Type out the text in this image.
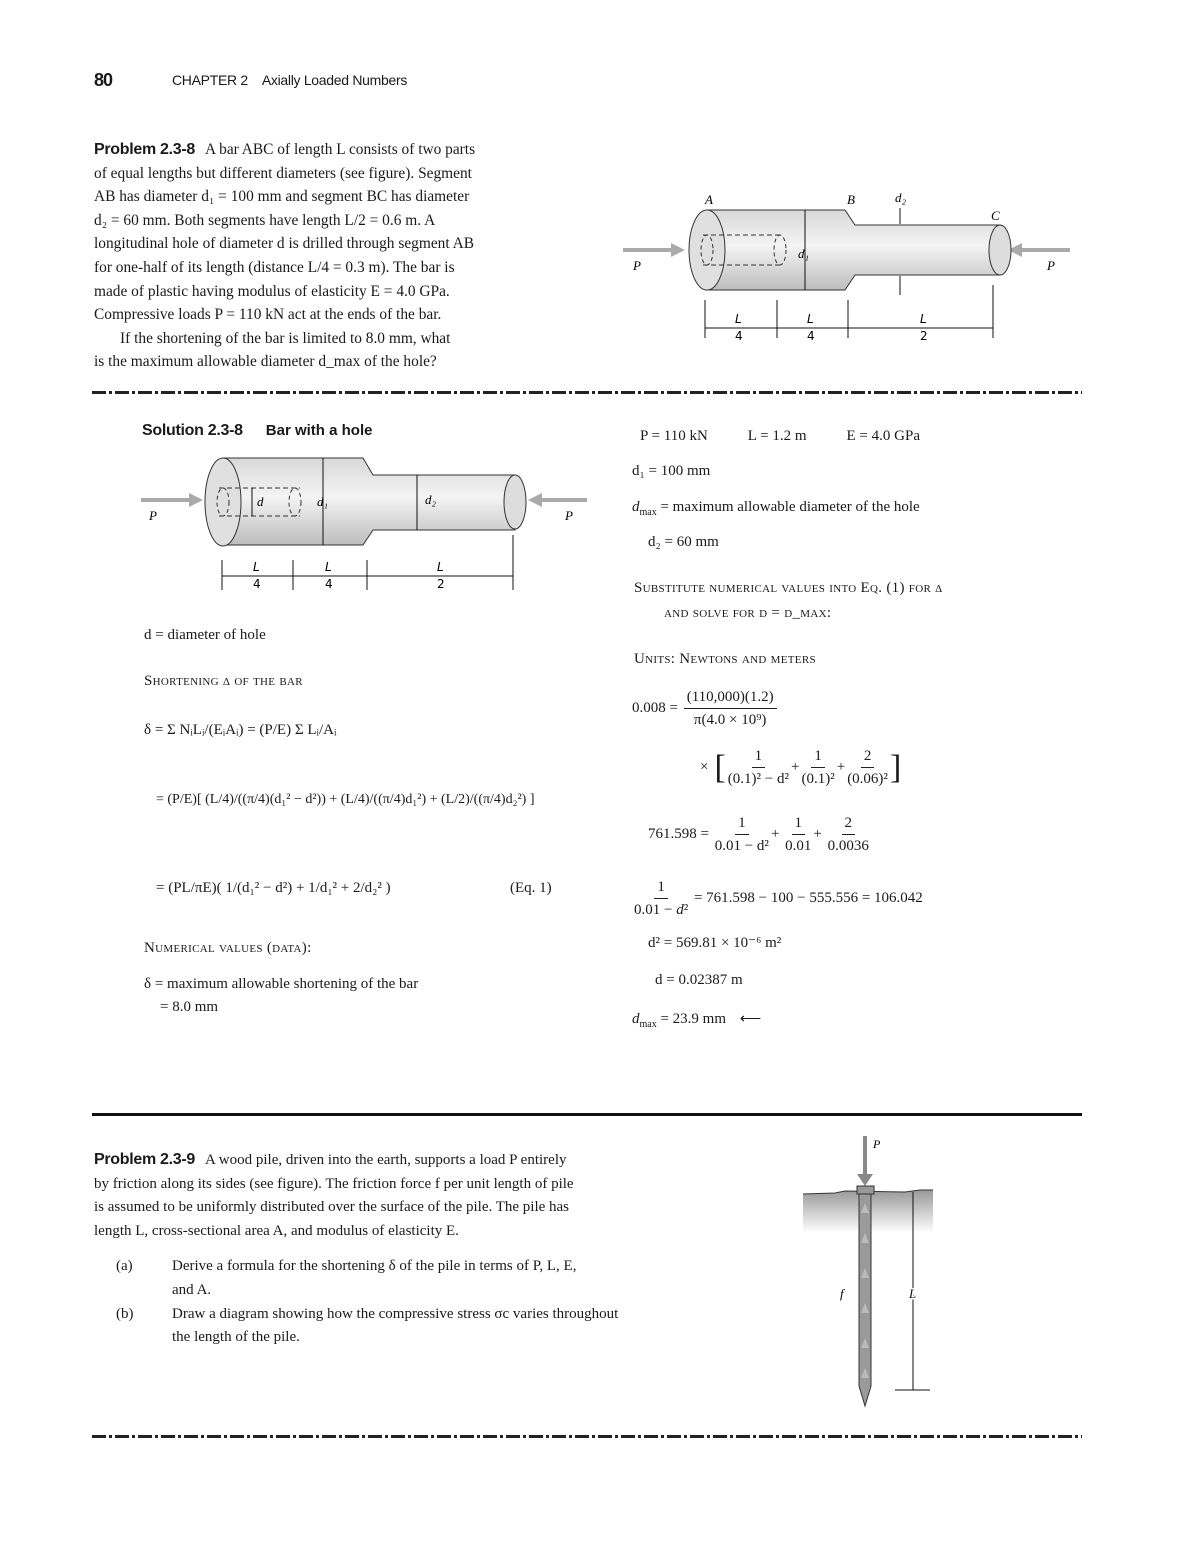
80	CHAPTER 2 Axially Loaded Numbers
Problem 2.3-8 A bar ABC of length L consists of two parts
of equal lengths but different diameters (see figure). Segment
AB has diameter d₁ = 100 mm and segment BC has diameter
d₂ = 60 mm. Both segments have length L/2 = 0.6 m. A
longitudinal hole of diameter d is drilled through segment AB
for one-half of its length (distance L/4 = 0.3 m). The bar is
made of plastic having modulus of elasticity E = 4.0 GPa.
Compressive loads P = 110 kN act at the ends of the bar.
If the shortening of the bar is limited to 8.0 mm, what
is the maximum allowable diameter d_max of the hole?
A	B
C
d₂
d₁
P	P
L
4
L
4
L
2
Solution 2.3-8 Bar with a hole
d	d₁	d₂
P	P
L
4
L
4
L
2
d = diameter of hole
Shortening δ of the bar
δ = Σ NᵢLᵢ/(EᵢAᵢ) = (P/E) Σ Lᵢ/Aᵢ
= (P/E)[ (L/4)/((π/4)(d₁² − d²)) + (L/4)/((π/4)d₁²) + (L/2)/((π/4)d₂²) ]
= (PL/πE)( 1/(d₁² − d²) + 1/d₁² + 2/d₂² )	(Eq. 1)
Numerical values (data):
δ = maximum allowable shortening of the bar
= 8.0 mm
P = 110 kN	L = 1.2 m	E = 4.0 GPa
d₁ = 100 mm
$d_{max}$ = maximum allowable diameter of the hole
d₂ = 60 mm
Substitute numerical values into Eq. (1) for δ
and solve for d = d_max:
Units: Newtons and meters
$0.008 = \frac{(110,000)(1.2)}{\text{π(4.0 × 10⁹)}}$
× [ $\frac{1}{\text{(0.1)² − d²}} + \frac{1}{\text{(0.1)²}} + \frac{2}{\text{(0.06)²}}$ ]
$761.598 = \frac{1}{\text{0.01 − d²}} + \frac{1}{0.01} + \frac{2}{0.0036}$
$\frac{1}{\text{0.01 − d²}} = 761.598 - 100 - 555.556 = 106.042$
d² = 569.81 × 10⁻⁶ m²
d = 0.02387 m
$d_{max} = 23.9$ mm ⟵
Problem 2.3-9 A wood pile, driven into the earth, supports a load P entirely
by friction along its sides (see figure). The friction force f per unit length of pile
is assumed to be uniformly distributed over the surface of the pile. The pile has
length L, cross-sectional area A, and modulus of elasticity E.
(a)	Derive a formula for the shortening δ of the pile in terms of P, L, E,
and A.
(b)	Draw a diagram showing how the compressive stress σc varies throughout
the length of the pile.
P
f	L
